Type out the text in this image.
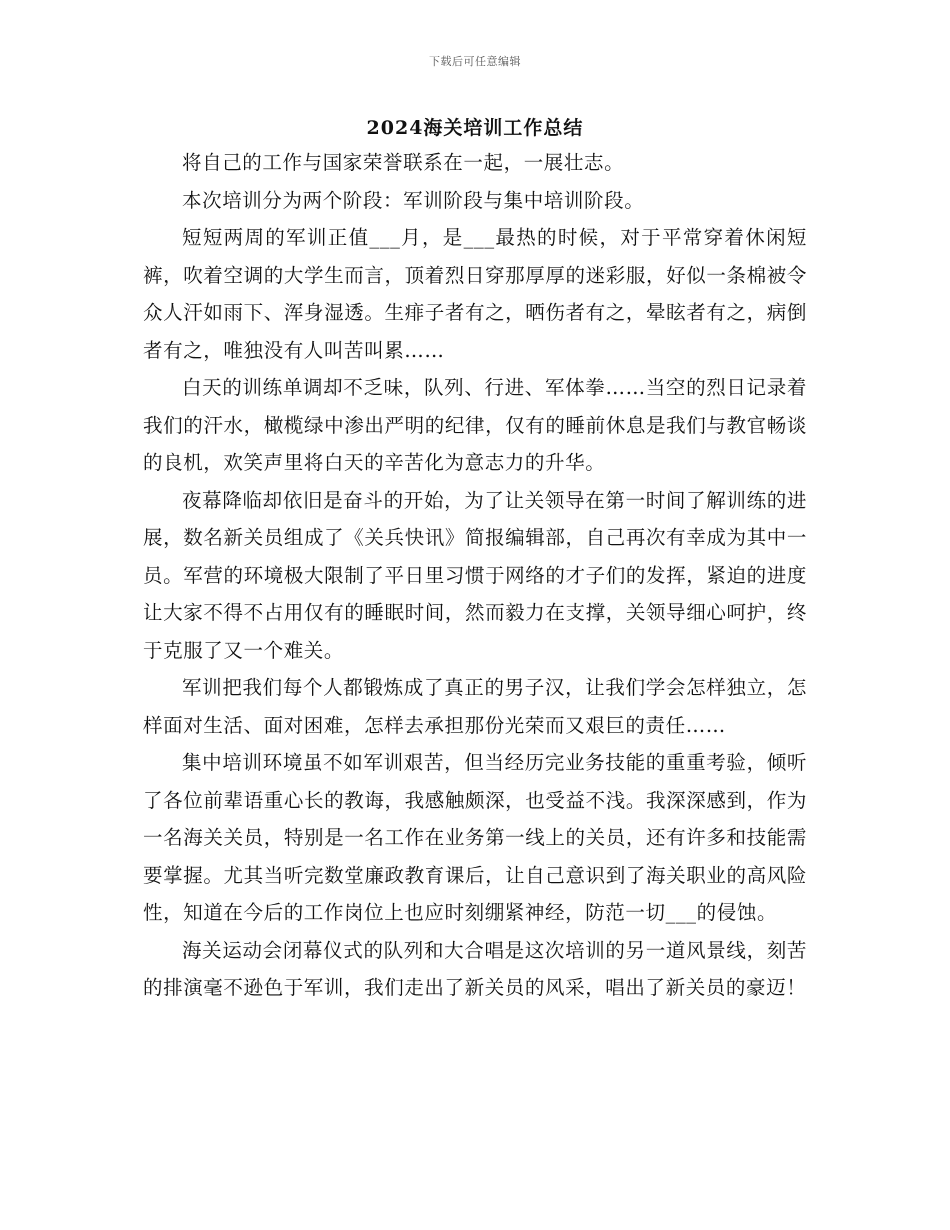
下载后可任意编辑
2024海关培训工作总结

将自己的工作与国家荣誉联系在一起，一展壮志。

本次培训分为两个阶段：军训阶段与集中培训阶段。

短短两周的军训正值___月，是___最热的时候，对于平常穿着休闲短裤，吹着空调的大学生而言，顶着烈日穿那厚厚的迷彩服，好似一条棉被令众人汗如雨下、浑身湿透。生痱子者有之，晒伤者有之，晕眩者有之，病倒者有之，唯独没有人叫苦叫累……

白天的训练单调却不乏味，队列、行进、军体拳……当空的烈日记录着我们的汗水，橄榄绿中渗出严明的纪律，仅有的睡前休息是我们与教官畅谈的良机，欢笑声里将白天的辛苦化为意志力的升华。

夜幕降临却依旧是奋斗的开始，为了让关领导在第一时间了解训练的进展，数名新关员组成了《关兵快讯》简报编辑部，自己再次有幸成为其中一员。军营的环境极大限制了平日里习惯于网络的才子们的发挥，紧迫的进度让大家不得不占用仅有的睡眠时间，然而毅力在支撑，关领导细心呵护，终于克服了又一个难关。

军训把我们每个人都锻炼成了真正的男子汉，让我们学会怎样独立，怎样面对生活、面对困难，怎样去承担那份光荣而又艰巨的责任……

集中培训环境虽不如军训艰苦，但当经历完业务技能的重重考验，倾听了各位前辈语重心长的教诲，我感触颇深，也受益不浅。我深深感到，作为一名海关关员，特别是一名工作在业务第一线上的关员，还有许多和技能需要掌握。尤其当听完数堂廉政教育课后，让自己意识到了海关职业的高风险性，知道在今后的工作岗位上也应时刻绷紧神经，防范一切___的侵蚀。

海关运动会闭幕仪式的队列和大合唱是这次培训的另一道风景线，刻苦的排演毫不逊色于军训，我们走出了新关员的风采，唱出了新关员的豪迈！
